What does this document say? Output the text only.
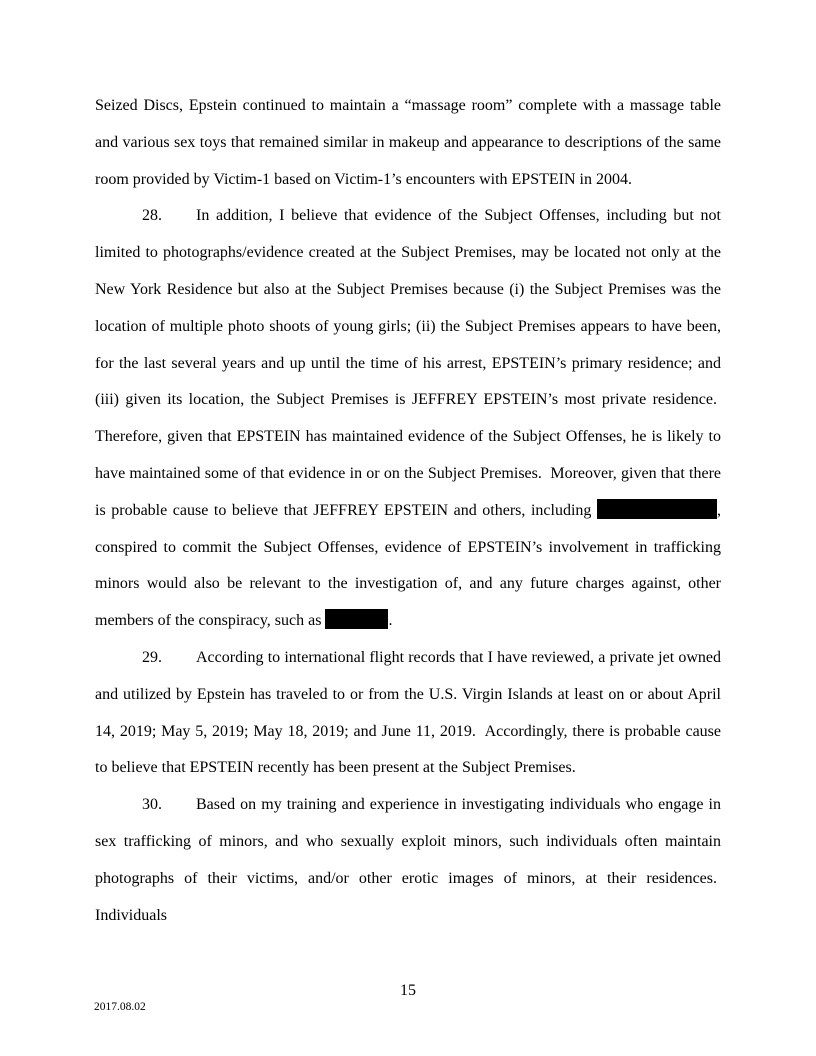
Seized Discs, Epstein continued to maintain a “massage room” complete with a massage table and various sex toys that remained similar in makeup and appearance to descriptions of the same room provided by Victim-1 based on Victim-1’s encounters with EPSTEIN in 2004.

28. In addition, I believe that evidence of the Subject Offenses, including but not limited to photographs/evidence created at the Subject Premises, may be located not only at the New York Residence but also at the Subject Premises because (i) the Subject Premises was the location of multiple photo shoots of young girls; (ii) the Subject Premises appears to have been, for the last several years and up until the time of his arrest, EPSTEIN’s primary residence; and (iii) given its location, the Subject Premises is JEFFREY EPSTEIN’s most private residence.  Therefore, given that EPSTEIN has maintained evidence of the Subject Offenses, he is likely to have maintained some of that evidence in or on the Subject Premises.  Moreover, given that there is probable cause to believe that JEFFREY EPSTEIN and others, including	, conspired to commit the Subject Offenses, evidence of EPSTEIN’s involvement in trafficking minors would also be relevant to the investigation of, and any future charges against, other members of the conspiracy, such as	.

29. According to international flight records that I have reviewed, a private jet owned and utilized by Epstein has traveled to or from the U.S. Virgin Islands at least on or about April 14, 2019; May 5, 2019; May 18, 2019; and June 11, 2019.  Accordingly, there is probable cause to believe that EPSTEIN recently has been present at the Subject Premises.

30. Based on my training and experience in investigating individuals who engage in sex trafficking of minors, and who sexually exploit minors, such individuals often maintain photographs of their victims, and/or other erotic images of minors, at their residences.  Individuals

15
2017.08.02
